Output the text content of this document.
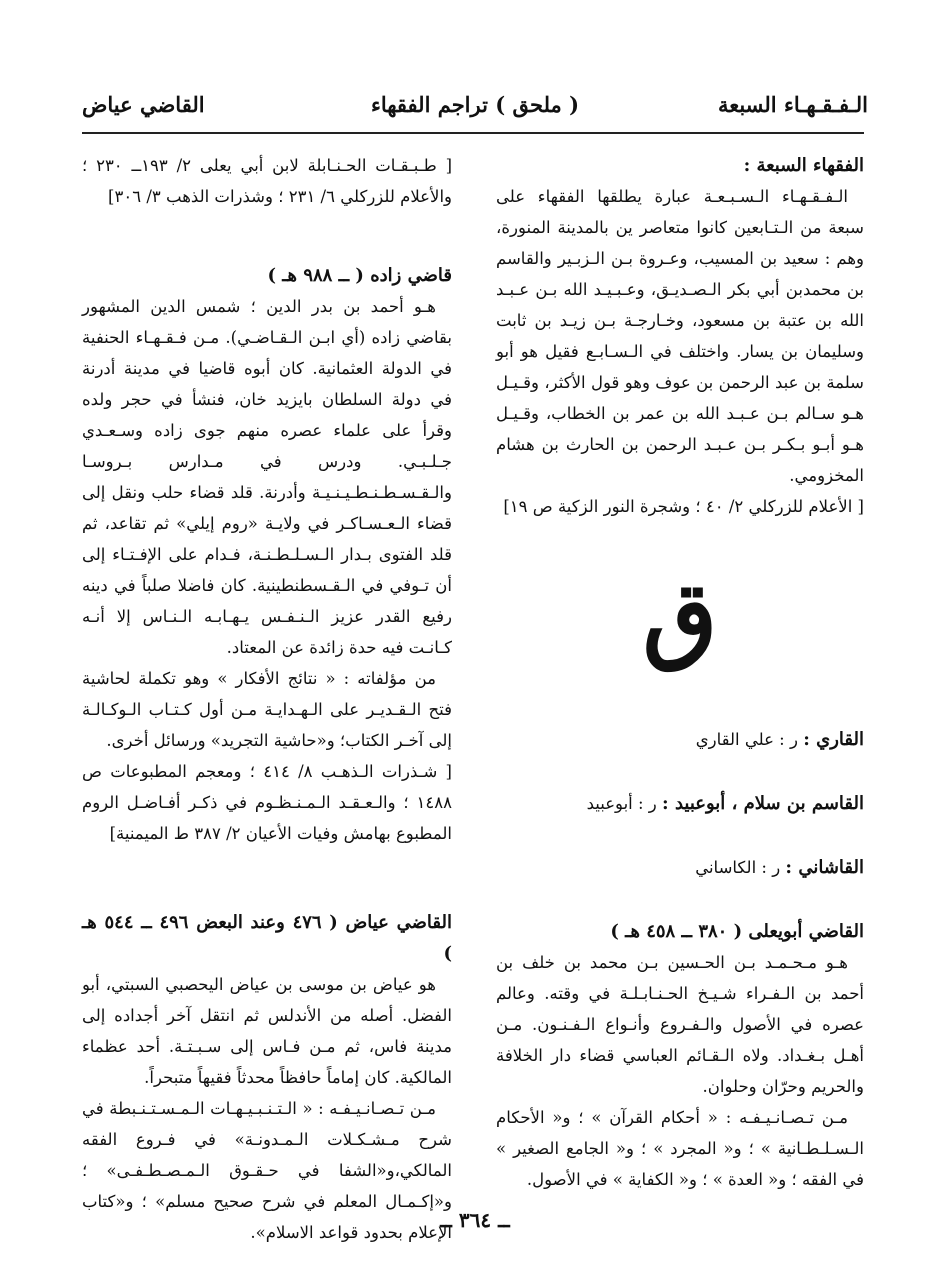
الـفـقـهـاء السبعة
( ملحق ) تراجم الفقهاء
القاضي عياض

الفقهاء السبعة :

الـفـقـهـاء الـسـبـعـة عبارة يطلقها الفقهاء على سبعة من الـتـابعين كانوا متعاصر ين بالمدينة المنورة، وهم : سعيد بن المسيب، وعـروة بـن الـزبـير والقاسم بن محمدبن أبي بكر الـصـديـق، وعـبـيـد الله بـن عـبـد الله بن عتبة بن مسعود، وخـارجـة بـن زيـد بن ثابت وسليمان بن يسار. واختلف في الـسـابـع فقيل هو أبو سلمة بن عبد الرحمن بن عوف وهو قول الأكثر، وقـيـل هـو سـالم بـن عـبـد الله بن عمر بن الخطاب، وقـيـل هـو أبـو بـكـر بـن عـبـد الرحمن بن الحارث بن هشام المخزومي.

[ الأعلام للزركلي ٢/ ٤٠ ؛ وشجرة النور الزكية ص ١٩]

ق

القاري : ر : علي القاري

القاسم بن سلام ، أبوعبيد : ر : أبوعبيد

القاشاني : ر : الكاساني

القاضي أبويعلى ( ٣٨٠ ــ ٤٥٨ هـ )

هـو مـحـمـد بـن الحـسين بـن محمد بن خلف بن أحمد بن الـفـراء شـيـخ الحـنـابـلـة في وقته. وعالم عصره في الأصول والـفـروع وأنـواع الـفـنـون. مـن أهـل بـغـداد. ولاه الـقـائم العباسي قضاء دار الخلافة والحريم وحرّان وحلوان.

مـن تـصـانـيـفـه : « أحكام القرآن » ؛ و« الأحكام الـسـلـطـانية » ؛ و« المجرد » ؛ و« الجامع الصغير » في الفقه ؛ و« العدة » ؛ و« الكفاية » في الأصول.

[ طـبـقـات الحـنـابلة لابن أبي يعلى ٢/ ١٩٣ــ ٢٣٠ ؛ والأعلام للزركلي ٦/ ٢٣١ ؛ وشذرات الذهب ٣/ ٣٠٦]

قاضي زاده ( ــ ٩٨٨ هـ )

هـو أحمد بن بدر الدين ؛ شمس الدين المشهور بقاضي زاده (أي ابـن الـقـاضـي). مـن فـقـهـاء الحنفية في الدولة العثمانية. كان أبوه قاضيا في مدينة أدرنة في دولة السلطان بايزيد خان، فنشأ في حجر ولده وقرأ على علماء عصره منهم جوى زاده وسـعـدي جـلـبـي. ودرس في مـدارس بـروسـا والـقـسـطـنـطـيـنـيـة وأدرنة. قلد قضاء حلب ونقل إلى قضاء الـعـسـاكـر في ولايـة «روم إيلي» ثم تقاعد، ثم قلد الفتوى بـدار الـسـلـطـنـة، فـدام على الإفـتـاء إلى أن تـوفي في الـقـسطنطينية. كان فاضلا صلباً في دينه رفيع القدر عزيز الـنـفـس يـهـابـه الـنـاس إلا أنـه كـانـت فيه حدة زائدة عن المعتاد.

من مؤلفاته : « نتائج الأفكار » وهو تكملة لحاشية فتح الـقـديـر على الـهـدايـة مـن أول كـتـاب الـوكـالـة إلى آخـر الكتاب؛ و«حاشية التجريد» ورسائل أخرى.

[ شـذرات الـذهـب ٨/ ٤١٤ ؛ ومعجم المطبوعات ص ١٤٨٨ ؛ والـعـقـد الـمـنـظـوم في ذكـر أفـاضـل الروم المطبوع بهامش وفيات الأعيان ٢/ ٣٨٧ ط الميمنية]

القاضي عياض ( ٤٧٦ وعند البعض ٤٩٦ ــ ٥٤٤ هـ )

هو عياض بن موسى بن عياض اليحصبي السبتي، أبو الفضل. أصله من الأندلس ثم انتقل آخر أجداده إلى مدينة فاس، ثم مـن فـاس إلى سـبـتـة. أحد عظماء المالكية. كان إماماً حافظاً محدثاً فقيهاً متبحراً.

مـن تـصـانـيـفـه : « الـتـنـبـيـهـات الـمـسـتـنـبطة في شرح مـشـكـلات الـمـدونـة» في فـروع الفقه المالكي،و«الشفا في حـقـوق الـمـصـطـفـى» ؛ و«إكـمـال المعلم في شرح صحيح مسلم» ؛ و«كتاب الإعلام بحدود قواعد الاسلام».

ــ ٣٦٤ ــ
